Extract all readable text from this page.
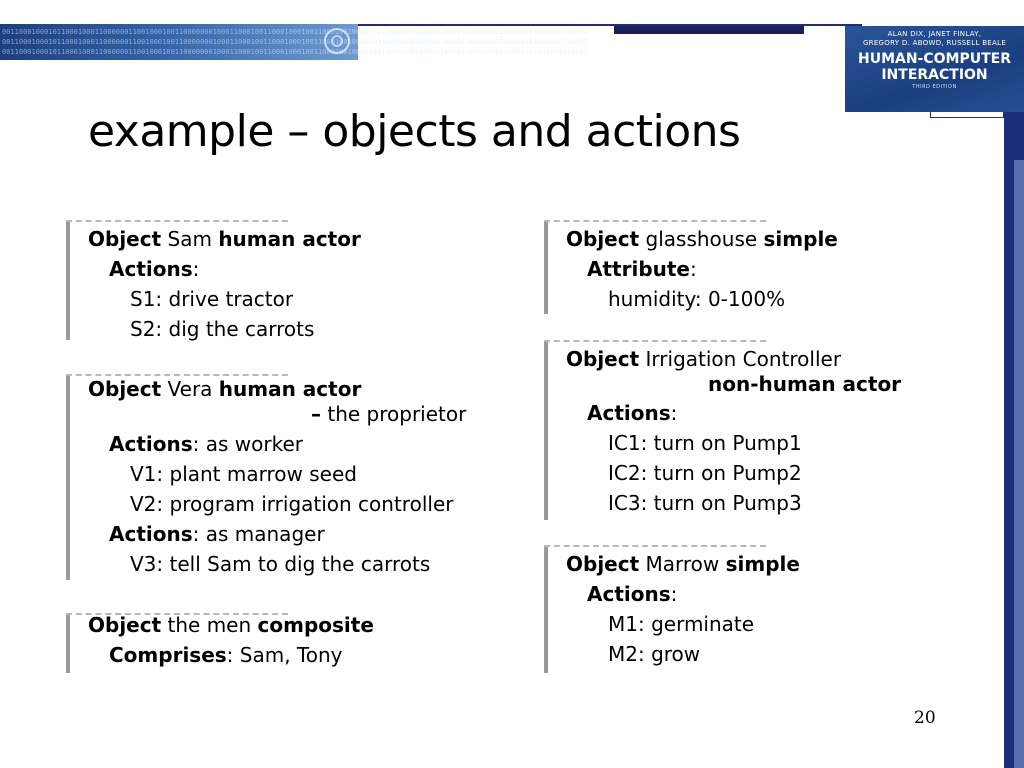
0011000100010110001000110000001100100010011000000010001100010011000100010011000100100001011000010010000110000110001000110000101001000110001
0011000100010110001000110000001100100010011000000010001100010011000100010011000100100001011000010010000110000110001000110000101001000110001
0011000100010110001000110000001100100010011000000010001100010011000100010011000100100001011000010010000110000110001000110000101001000110001
ALAN DIX, JANET FINLAY,
GREGORY D. ABOWD, RUSSELL BEALE
HUMAN-COMPUTER
INTERACTION
THIRD EDITION
example – objects and actions
Object Sam human actor
Actions:
S1: drive tractor
S2: dig the carrots
Object Vera human actor
– the proprietor
Actions: as worker
V1: plant marrow seed
V2: program irrigation controller
Actions: as manager
V3: tell Sam to dig the carrots
Object the men composite
Comprises: Sam, Tony
Object glasshouse simple
Attribute:
humidity: 0-100%
Object Irrigation Controller
non-human actor
Actions:
IC1: turn on Pump1
IC2: turn on Pump2
IC3: turn on Pump3
Object Marrow simple
Actions:
M1: germinate
M2: grow
20
